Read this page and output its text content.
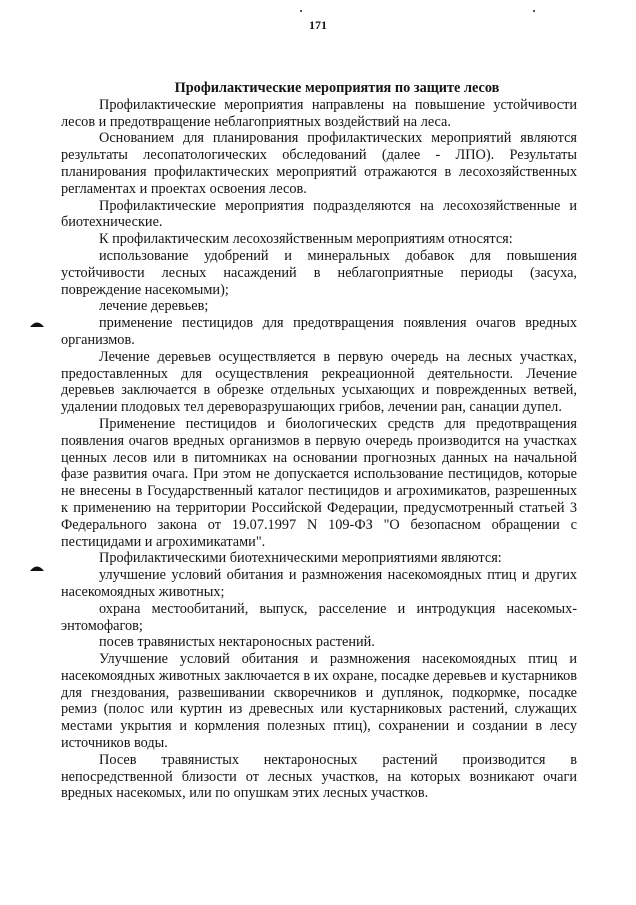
171
Профилактические мероприятия по защите лесов

Профилактические мероприятия направлены на повышение устойчивости лесов и предотвращение неблагоприятных воздействий на леса.

Основанием для планирования профилактических мероприятий являются результаты лесопатологических обследований (далее - ЛПО). Результаты планирования профилактических мероприятий отражаются в лесохозяйственных регламентах и проектах освоения лесов.

Профилактические мероприятия подразделяются на лесохозяйственные и биотехнические.

К профилактическим лесохозяйственным мероприятиям относятся:

использование удобрений и минеральных добавок для повышения устойчивости лесных насаждений в неблагоприятные периоды (засуха, повреждение насекомыми);

лечение деревьев;

применение пестицидов для предотвращения появления очагов вредных организмов.

Лечение деревьев осуществляется в первую очередь на лесных участках, предоставленных для осуществления рекреационной деятельности. Лечение деревьев заключается в обрезке отдельных усыхающих и поврежденных ветвей, удалении плодовых тел дереворазрушающих грибов, лечении ран, санации дупел.

Применение пестицидов и биологических средств для предотвращения появления очагов вредных организмов в первую очередь производится на участках ценных лесов или в питомниках на основании прогнозных данных на начальной фазе развития очага. При этом не допускается использование пестицидов, которые не внесены в Государственный каталог пестицидов и агрохимикатов, разрешенных к применению на территории Российской Федерации, предусмотренный статьей 3 Федерального закона от 19.07.1997 N 109-ФЗ "О безопасном обращении с пестицидами и агрохимикатами".

Профилактическими биотехническими мероприятиями являются:

улучшение условий обитания и размножения насекомоядных птиц и других насекомоядных животных;

охрана местообитаний, выпуск, расселение и интродукция насекомых-энтомофагов;

посев травянистых нектароносных растений.

Улучшение условий обитания и размножения насекомоядных птиц и насекомоядных животных заключается в их охране, посадке деревьев и кустарников для гнездования, развешивании скворечников и дуплянок, подкормке, посадке ремиз (полос или куртин из древесных или кустарниковых растений, служащих местами укрытия и кормления полезных птиц), сохранении и создании в лесу источников воды.

Посев травянистых нектароносных растений производится в непосредственной близости от лесных участков, на которых возникают очаги вредных насекомых, или по опушкам этих лесных участков.
